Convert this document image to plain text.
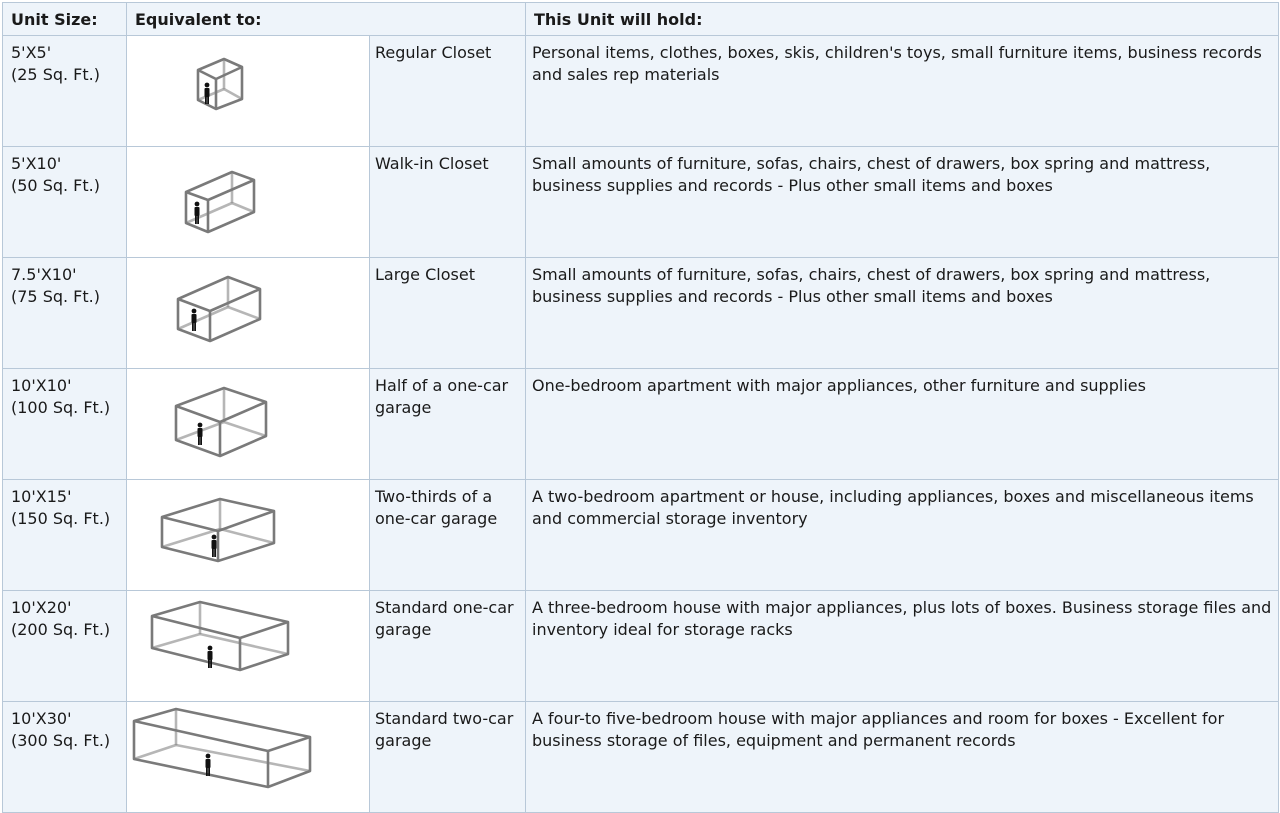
Unit Size:	Equivalent to:		This Unit will hold:

5'X5'
(25 Sq. Ft.)		Regular Closet	Personal items, clothes, boxes, skis, children's toys, small furniture items, business records and sales rep materials

5'X10'
(50 Sq. Ft.)		Walk-in Closet	Small amounts of furniture, sofas, chairs, chest of drawers, box spring and mattress, business supplies and records - Plus other small items and boxes

7.5'X10'
(75 Sq. Ft.)		Large Closet	Small amounts of furniture, sofas, chairs, chest of drawers, box spring and mattress, business supplies and records - Plus other small items and boxes

10'X10'
(100 Sq. Ft.)		Half of a one-car garage	One-bedroom apartment with major appliances, other furniture and supplies

10'X15'
(150 Sq. Ft.)		Two-thirds of a one-car garage	A two-bedroom apartment or house, including appliances, boxes and miscellaneous items and commercial storage inventory

10'X20'
(200 Sq. Ft.)		Standard one-car garage	A three-bedroom house with major appliances, plus lots of boxes. Business storage files and inventory ideal for storage racks

10'X30'
(300 Sq. Ft.)		Standard two-car garage	A four-to five-bedroom house with major appliances and room for boxes - Excellent for business storage of files, equipment and permanent records
